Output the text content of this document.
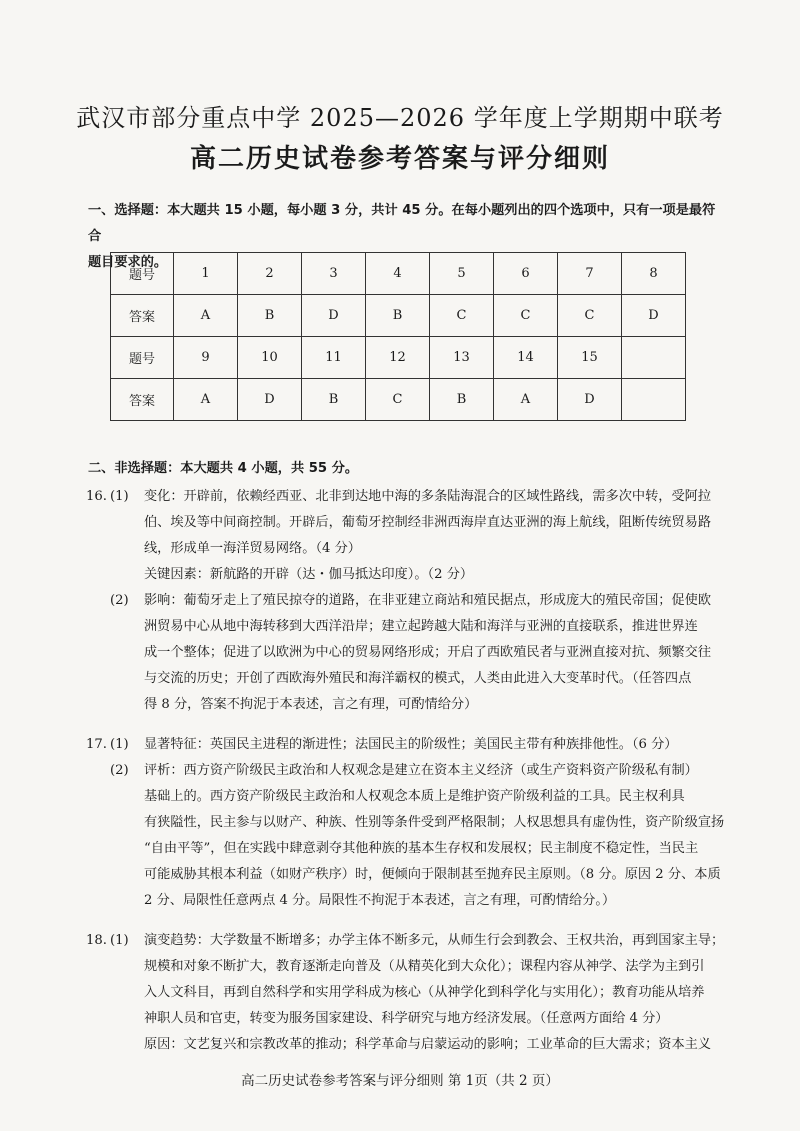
武汉市部分重点中学 2025—2026 学年度上学期期中联考
高二历史试卷参考答案与评分细则
一、选择题：本大题共 15 小题，每小题 3 分，共计 45 分。在每小题列出的四个选项中，只有一项是最符合
题目要求的。
题号	1	2	3	4	5	6	7	8
答案	A	B	D	B	C	C	C	D
题号	9	10	11	12	13	14	15	
答案	A	D	B	C	B	A	D	
二、非选择题：本大题共 4 小题，共 55 分。
16. (1) 变化：开辟前，依赖经西亚、北非到达地中海的多条陆海混合的区域性路线，需多次中转，受阿拉
伯、埃及等中间商控制。开辟后，葡萄牙控制经非洲西海岸直达亚洲的海上航线，阻断传统贸易路
线，形成单一海洋贸易网络。（4 分）
关键因素：新航路的开辟（达・伽马抵达印度）。（2 分）
(2) 影响：葡萄牙走上了殖民掠夺的道路，在非亚建立商站和殖民据点，形成庞大的殖民帝国；促使欧
洲贸易中心从地中海转移到大西洋沿岸；建立起跨越大陆和海洋与亚洲的直接联系，推进世界连
成一个整体；促进了以欧洲为中心的贸易网络形成；开启了西欧殖民者与亚洲直接对抗、频繁交往
与交流的历史；开创了西欧海外殖民和海洋霸权的模式，人类由此进入大变革时代。（任答四点
得 8 分，答案不拘泥于本表述，言之有理，可酌情给分）
17. (1) 显著特征：英国民主进程的渐进性；法国民主的阶级性；美国民主带有种族排他性。（6 分）
(2) 评析：西方资产阶级民主政治和人权观念是建立在资本主义经济（或生产资料资产阶级私有制）
基础上的。西方资产阶级民主政治和人权观念本质上是维护资产阶级利益的工具。民主权利具
有狭隘性，民主参与以财产、种族、性别等条件受到严格限制；人权思想具有虚伪性，资产阶级宣扬
“自由平等”，但在实践中肆意剥夺其他种族的基本生存权和发展权；民主制度不稳定性，当民主
可能威胁其根本利益（如财产秩序）时，便倾向于限制甚至抛弃民主原则。（8 分。原因 2 分、本质
2 分、局限性任意两点 4 分。局限性不拘泥于本表述，言之有理，可酌情给分。）
18. (1) 演变趋势：大学数量不断增多；办学主体不断多元，从师生行会到教会、王权共治，再到国家主导；
规模和对象不断扩大，教育逐渐走向普及（从精英化到大众化）；课程内容从神学、法学为主到引
入人文科目，再到自然科学和实用学科成为核心（从神学化到科学化与实用化）；教育功能从培养
神职人员和官吏，转变为服务国家建设、科学研究与地方经济发展。（任意两方面给 4 分）
原因：文艺复兴和宗教改革的推动；科学革命与启蒙运动的影响；工业革命的巨大需求；资本主义
高二历史试卷参考答案与评分细则 第 1页（共 2 页）
